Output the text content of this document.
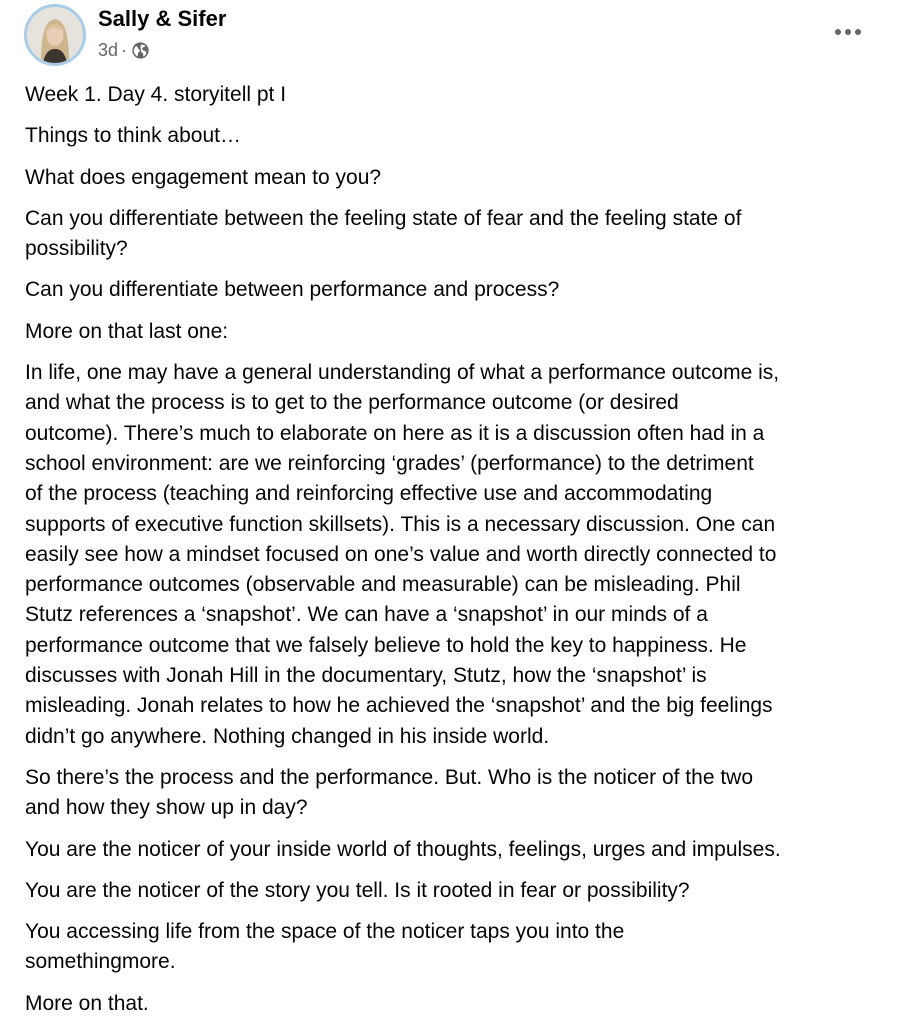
Sally & Sifer
3d ·

Week 1. Day 4. storyitell pt I

Things to think about…

What does engagement mean to you?

Can you differentiate between the feeling state of fear and the feeling state of
possibility?

Can you differentiate between performance and process?

More on that last one:

In life, one may have a general understanding of what a performance outcome is,
and what the process is to get to the performance outcome (or desired
outcome). There’s much to elaborate on here as it is a discussion often had in a
school environment: are we reinforcing ‘grades’ (performance) to the detriment
of the process (teaching and reinforcing effective use and accommodating
supports of executive function skillsets). This is a necessary discussion. One can
easily see how a mindset focused on one’s value and worth directly connected to
performance outcomes (observable and measurable) can be misleading. Phil
Stutz references a ‘snapshot’. We can have a ‘snapshot’ in our minds of a
performance outcome that we falsely believe to hold the key to happiness. He
discusses with Jonah Hill in the documentary, Stutz, how the ‘snapshot’ is
misleading. Jonah relates to how he achieved the ‘snapshot’ and the big feelings
didn’t go anywhere. Nothing changed in his inside world.

So there’s the process and the performance. But. Who is the noticer of the two
and how they show up in day?

You are the noticer of your inside world of thoughts, feelings, urges and impulses.

You are the noticer of the story you tell. Is it rooted in fear or possibility?

You accessing life from the space of the noticer taps you into the
somethingmore.

More on that.
